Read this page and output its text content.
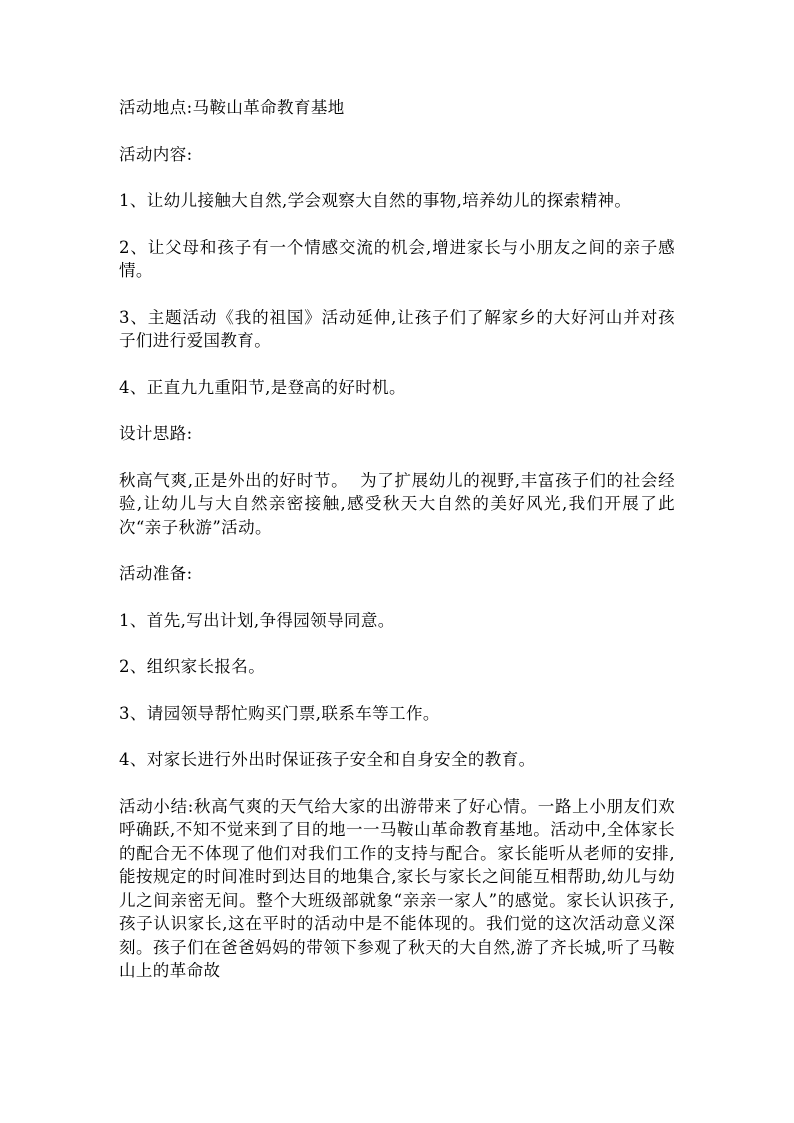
活动地点:马鞍山革命教育基地

活动内容:

1、让幼儿接触大自然,学会观察大自然的事物,培养幼儿的探索精神。

2、让父母和孩子有一个情感交流的机会,增进家长与小朋友之间的亲子感情。

3、主题活动《我的祖国》活动延伸,让孩子们了解家乡的大好河山并对孩子们进行爱国教育。

4、正直九九重阳节,是登高的好时机。

设计思路:

秋高气爽,正是外出的好时节。  为了扩展幼儿的视野,丰富孩子们的社会经验,让幼儿与大自然亲密接触,感受秋天大自然的美好风光,我们开展了此次“亲子秋游”活动。

活动准备:

1、首先,写出计划,争得园领导同意。

2、组织家长报名。

3、请园领导帮忙购买门票,联系车等工作。

4、对家长进行外出时保证孩子安全和自身安全的教育。

活动小结:秋高气爽的天气给大家的出游带来了好心情。一路上小朋友们欢呼确跃,不知不觉来到了目的地一一马鞍山革命教育基地。活动中,全体家长的配合无不体现了他们对我们工作的支持与配合。家长能听从老师的安排,能按规定的时间准时到达目的地集合,家长与家长之间能互相帮助,幼儿与幼儿之间亲密无间。整个大班级部就象“亲亲一家人”的感觉。家长认识孩子,孩子认识家长,这在平时的活动中是不能体现的。我们觉的这次活动意义深刻。孩子们在爸爸妈妈的带领下参观了秋天的大自然,游了齐长城,听了马鞍山上的革命故
